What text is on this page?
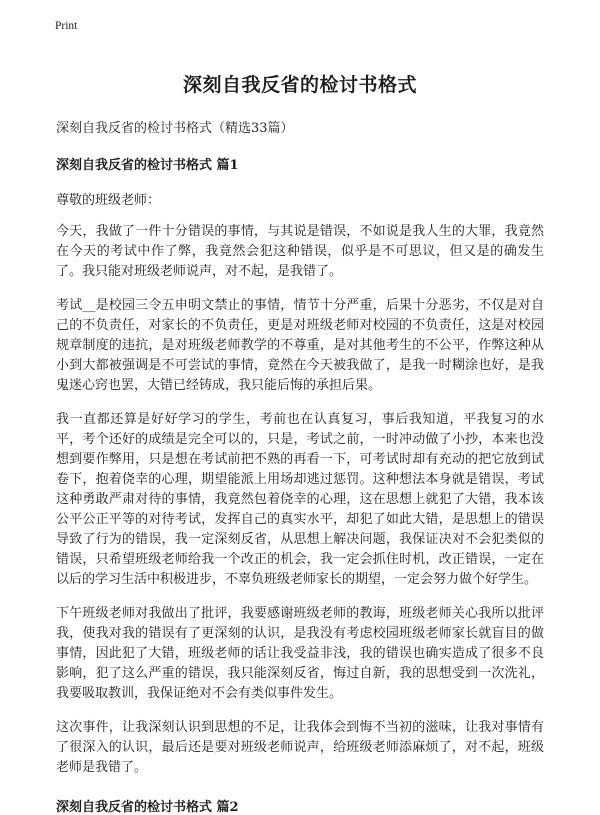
Print
深刻自我反省的检讨书格式

深刻自我反省的检讨书格式（精选33篇）

深刻自我反省的检讨书格式 篇1

尊敬的班级老师：

今天，我做了一件十分错误的事情，与其说是错误，不如说是我人生的大罪，我竟然在今天的考试中作了弊，我竟然会犯这种错误，似乎是不可思议，但又是的确发生了。我只能对班级老师说声，对不起，是我错了。

考试__是校园三令五申明文禁止的事情，情节十分严重，后果十分恶劣，不仅是对自己的不负责任，对家长的不负责任，更是对班级老师对校园的不负责任，这是对校园规章制度的违抗，是对班级老师教学的不尊重，是对其他考生的不公平，作弊这种从小到大都被强调是不可尝试的事情，竟然在今天被我做了，是我一时糊涂也好，是我鬼迷心窍也罢，大错已经铸成，我只能后悔的承担后果。

我一直都还算是好好学习的学生，考前也在认真复习，事后我知道，平我复习的水平，考个还好的成绩是完全可以的，只是，考试之前，一时冲动做了小抄，本来也没想到要作弊用，只是想在考试前把不熟的再看一下，可考试时却有充动的把它放到试卷下，抱着侥幸的心理，期望能派上用场却逃过惩罚。这种想法本身就是错误，考试这种勇敢严肃对待的事情，我竟然包着侥幸的心理，这在思想上就犯了大错，我本该公平公正平等的对待考试，发挥自己的真实水平，却犯了如此大错，是思想上的错误导致了行为的错误，我一定深刻反省，从思想上解决问题，我保证决对不会犯类似的错误，只希望班级老师给我一个改正的机会，我一定会抓住时机，改正错误，一定在以后的学习生活中积极进步，不辜负班级老师家长的期望，一定会努力做个好学生。

下午班级老师对我做出了批评，我要感谢班级老师的教诲，班级老师关心我所以批评我，使我对我的错误有了更深刻的认识，是我没有考虑校园班级老师家长就盲目的做事情，因此犯了大错，班级老师的话让我受益非浅，我的错误也确实造成了很多不良影响，犯了这么严重的错误，我只能深刻反省，悔过自新，我的思想受到一次洗礼，我要吸取教训，我保证绝对不会有类似事件发生。

这次事件，让我深刻认识到思想的不足，让我体会到悔不当初的滋味，让我对事情有了很深入的认识，最后还是要对班级老师说声，给班级老师添麻烦了，对不起，班级老师是我错了。

深刻自我反省的检讨书格式 篇2
